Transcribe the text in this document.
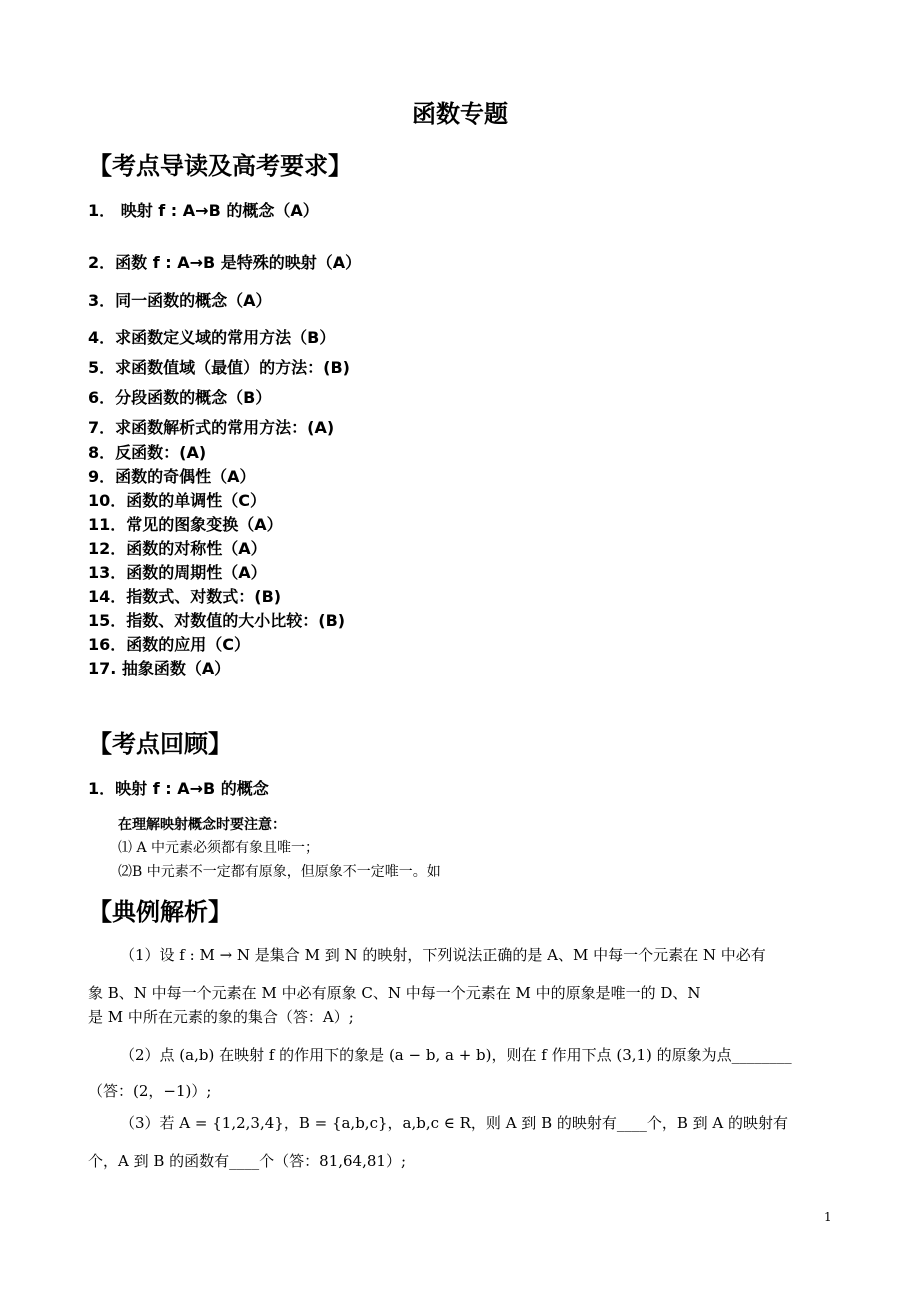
函数专题
【考点导读及高考要求】
1． 映射 f : A→B 的概念（A）
2．函数 f : A→B 是特殊的映射（A）
3．同一函数的概念（A）
4．求函数定义域的常用方法（B）
5．求函数值域（最值）的方法：(B)
6．分段函数的概念（B）
7．求函数解析式的常用方法：(A)
8．反函数：(A)
9．函数的奇偶性（A）
10．函数的单调性（C）
11．常见的图象变换（A）
12．函数的对称性（A）
13．函数的周期性（A）
14．指数式、对数式：(B)
15．指数、对数值的大小比较：(B)
16．函数的应用（C）
17. 抽象函数（A）
【考点回顾】
1．映射 f : A→B 的概念
在理解映射概念时要注意：
⑴ A 中元素必须都有象且唯一；
⑵B 中元素不一定都有原象，但原象不一定唯一。如
【典例解析】
（1）设 f : M → N 是集合 M 到 N 的映射，下列说法正确的是 A、M 中每一个元素在 N 中必有
象 B、N 中每一个元素在 M 中必有原象 C、N 中每一个元素在 M 中的原象是唯一的 D、N
是 M 中所在元素的象的集合（答：A）;
（2）点 (a,b) 在映射 f 的作用下的象是 (a − b, a + b)，则在 f 作用下点 (3,1) 的原象为点________
（答：(2，−1)）;
（3）若 A = {1,2,3,4}，B = {a,b,c}，a,b,c ∈ R，则 A 到 B 的映射有____个，B 到 A 的映射有
个，A 到 B 的函数有____个（答：81,64,81）;
1
